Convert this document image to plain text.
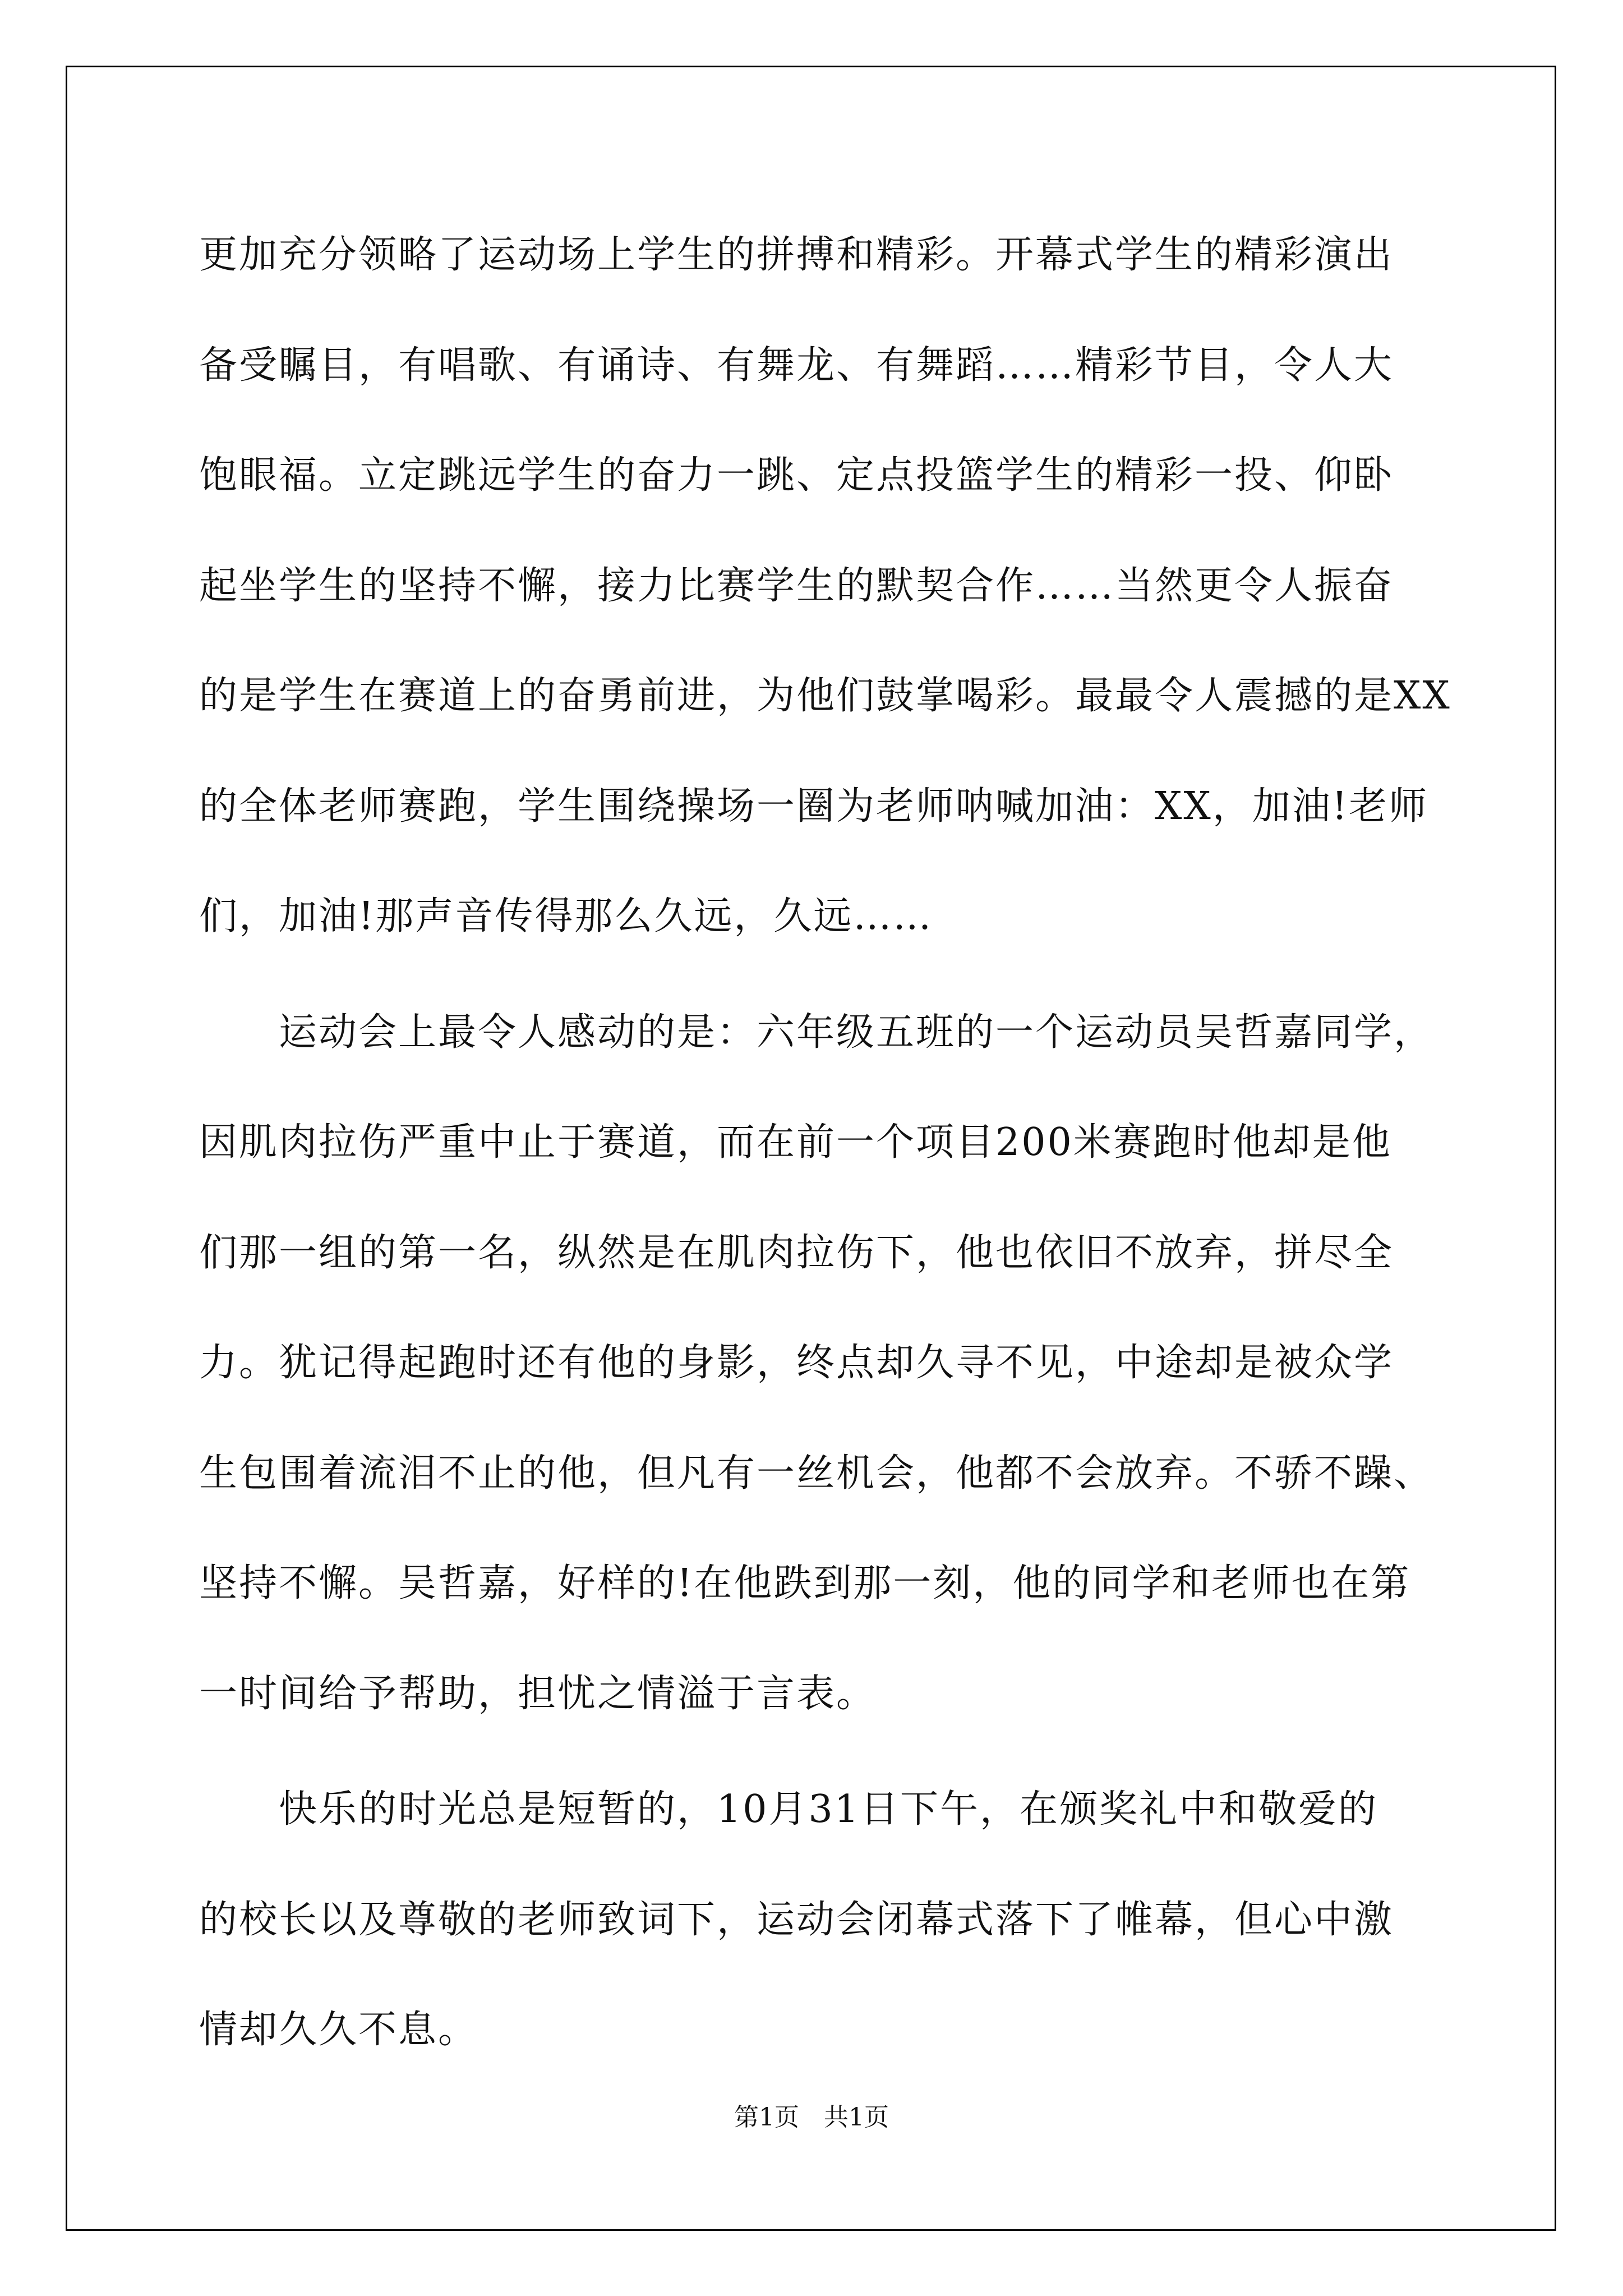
更加充分领略了运动场上学生的拼搏和精彩。开幕式学生的精彩演出
备受瞩目，有唱歌、有诵诗、有舞龙、有舞蹈……精彩节目，令人大
饱眼福。立定跳远学生的奋力一跳、定点投篮学生的精彩一投、仰卧
起坐学生的坚持不懈，接力比赛学生的默契合作……当然更令人振奋
的是学生在赛道上的奋勇前进，为他们鼓掌喝彩。最最令人震撼的是XX
的全体老师赛跑，学生围绕操场一圈为老师呐喊加油：XX，加油!老师
们，加油!那声音传得那么久远，久远……
　　运动会上最令人感动的是：六年级五班的一个运动员吴哲嘉同学，
因肌肉拉伤严重中止于赛道，而在前一个项目200米赛跑时他却是他
们那一组的第一名，纵然是在肌肉拉伤下，他也依旧不放弃，拼尽全
力。犹记得起跑时还有他的身影，终点却久寻不见，中途却是被众学
生包围着流泪不止的他，但凡有一丝机会，他都不会放弃。不骄不躁、
坚持不懈。吴哲嘉，好样的!在他跌到那一刻，他的同学和老师也在第
一时间给予帮助，担忧之情溢于言表。
　　快乐的时光总是短暂的，10月31日下午，在颁奖礼中和敬爱的
的校长以及尊敬的老师致词下，运动会闭幕式落下了帷幕，但心中激
情却久久不息。
第1页　共1页
